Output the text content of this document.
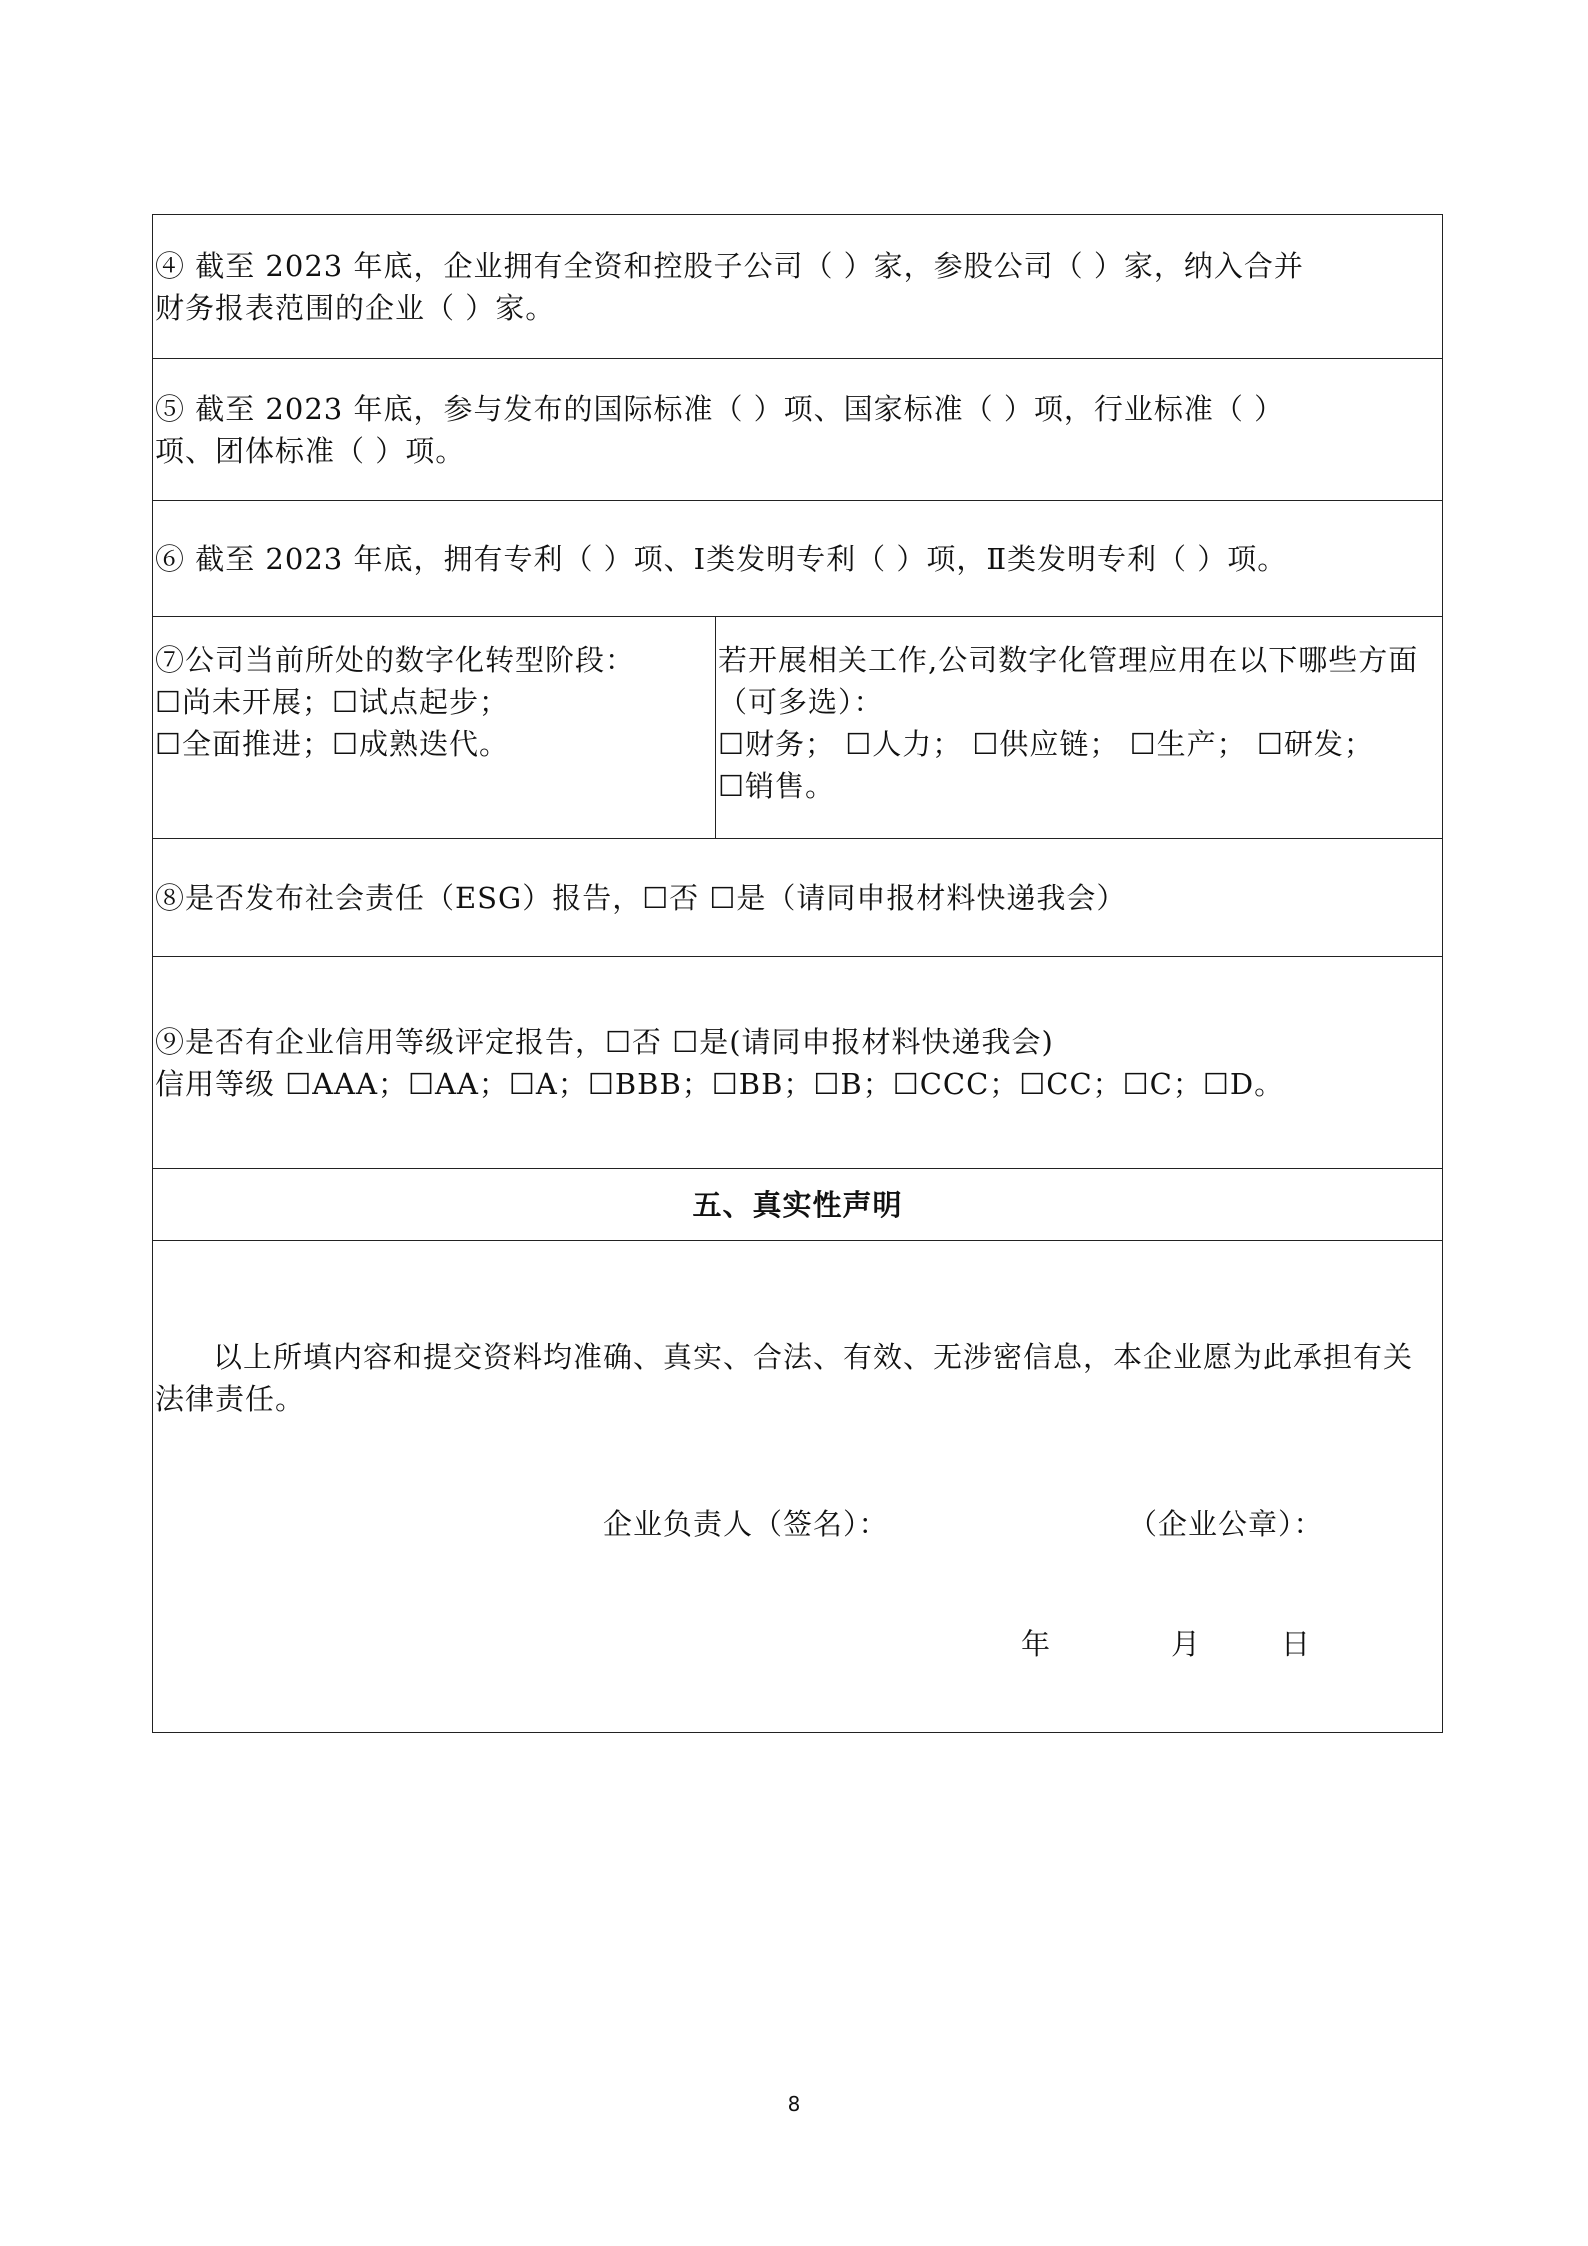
④ 截至 2023 年底，企业拥有全资和控股子公司（ ）家，参股公司（ ）家，纳入合并
财务报表范围的企业（ ）家。

⑤ 截至 2023 年底，参与发布的国际标准（ ）项、国家标准（ ）项，行业标准（ ）
项、团体标准（ ）项。

⑥ 截至 2023 年底，拥有专利（ ）项、Ⅰ类发明专利（ ）项，Ⅱ类发明专利（ ）项。

⑦公司当前所处的数字化转型阶段：
☐尚未开展；☐试点起步；
☐全面推进；☐成熟迭代。

若开展相关工作,公司数字化管理应用在以下哪些方面（可多选）：
☐财务； ☐人力； ☐供应链； ☐生产； ☐研发；
☐销售。

⑧是否发布社会责任（ESG）报告，☐否 ☐是（请同申报材料快递我会）

⑨是否有企业信用等级评定报告，☐否 ☐是(请同申报材料快递我会)
信用等级 ☐AAA；☐AA；☐A；☐BBB；☐BB；☐B；☐CCC；☐CC；☐C；☐D。

五、真实性声明

以上所填内容和提交资料均准确、真实、合法、有效、无涉密信息，本企业愿为此承担有关法律责任。
企业负责人（签名）：	（企业公章）：
年	月	日
8
